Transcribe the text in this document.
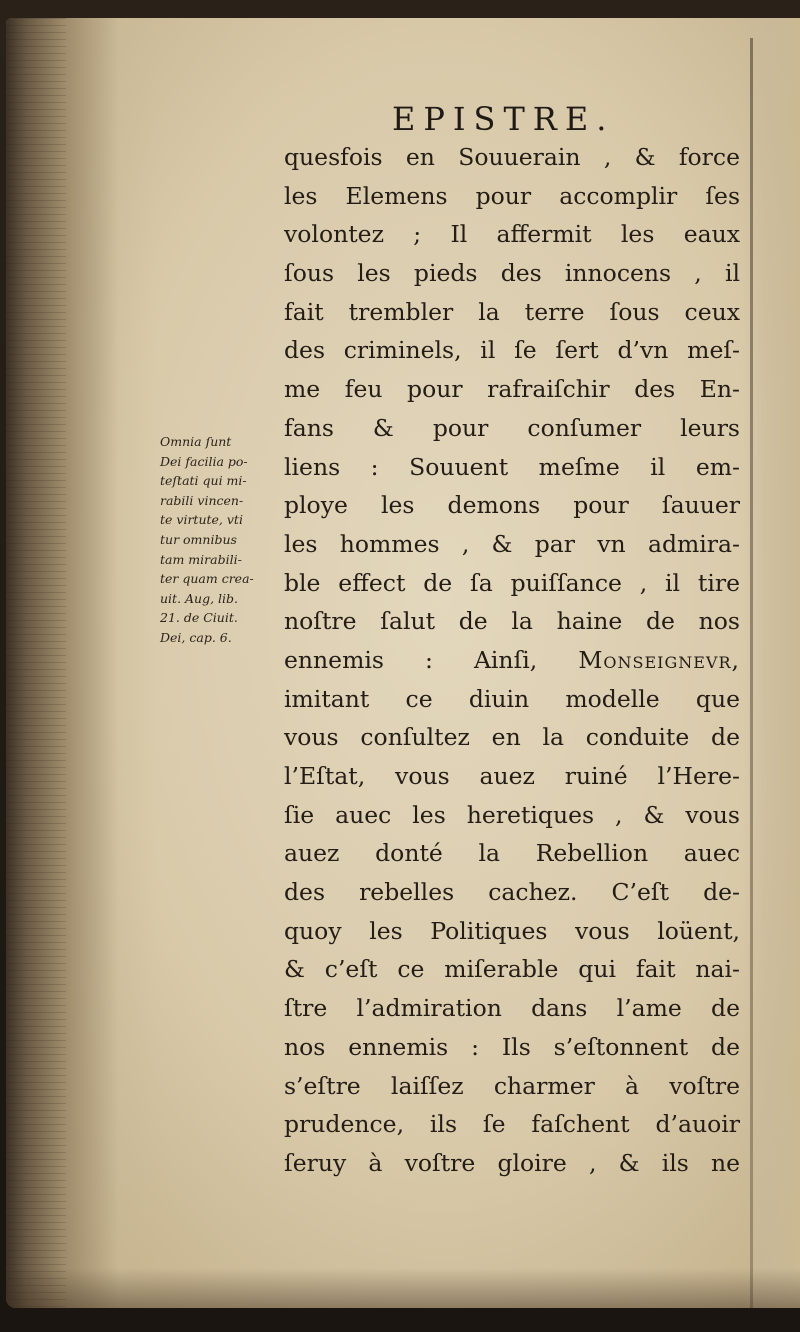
EPISTRE.
quesfois en Souuerain , & force
les Elemens pour accomplir ſes
volontez ; Il affermit les eaux
ſous les pieds des innocens , il
fait trembler la terre ſous ceux
des criminels, il ſe ſert d’vn meſ-
me feu pour rafraiſchir des En-
fans & pour conſumer leurs
liens : Souuent meſme il em-
ploye les demons pour ſauuer
les hommes , & par vn admira-
ble effect de ſa puiſſance , il tire
noſtre ſalut de la haine de nos
ennemis : Ainſi, Monseignevr,
imitant ce diuin modelle que
vous conſultez en la conduite de
l’Eſtat, vous auez ruiné l’Here-
ſie auec les heretiques , & vous
auez donté la Rebellion auec
des rebelles cachez. C’eſt de-
quoy les Politiques vous loüent,
& c’eſt ce miſerable qui fait nai-
ſtre l’admiration dans l’ame de
nos ennemis : Ils s’eſtonnent de
s’eſtre laiſſez charmer à voſtre
prudence, ils ſe faſchent d’auoir
ſeruy à voſtre gloire , & ils ne
Omnia ſunt
Dei facilia po-
teſtati qui mi-
rabili vincen-
te virtute, vti
tur omnibus
tam mirabili-
ter quam crea-
uit. Aug, lib.
21. de Ciuit.
Dei, cap. 6.
